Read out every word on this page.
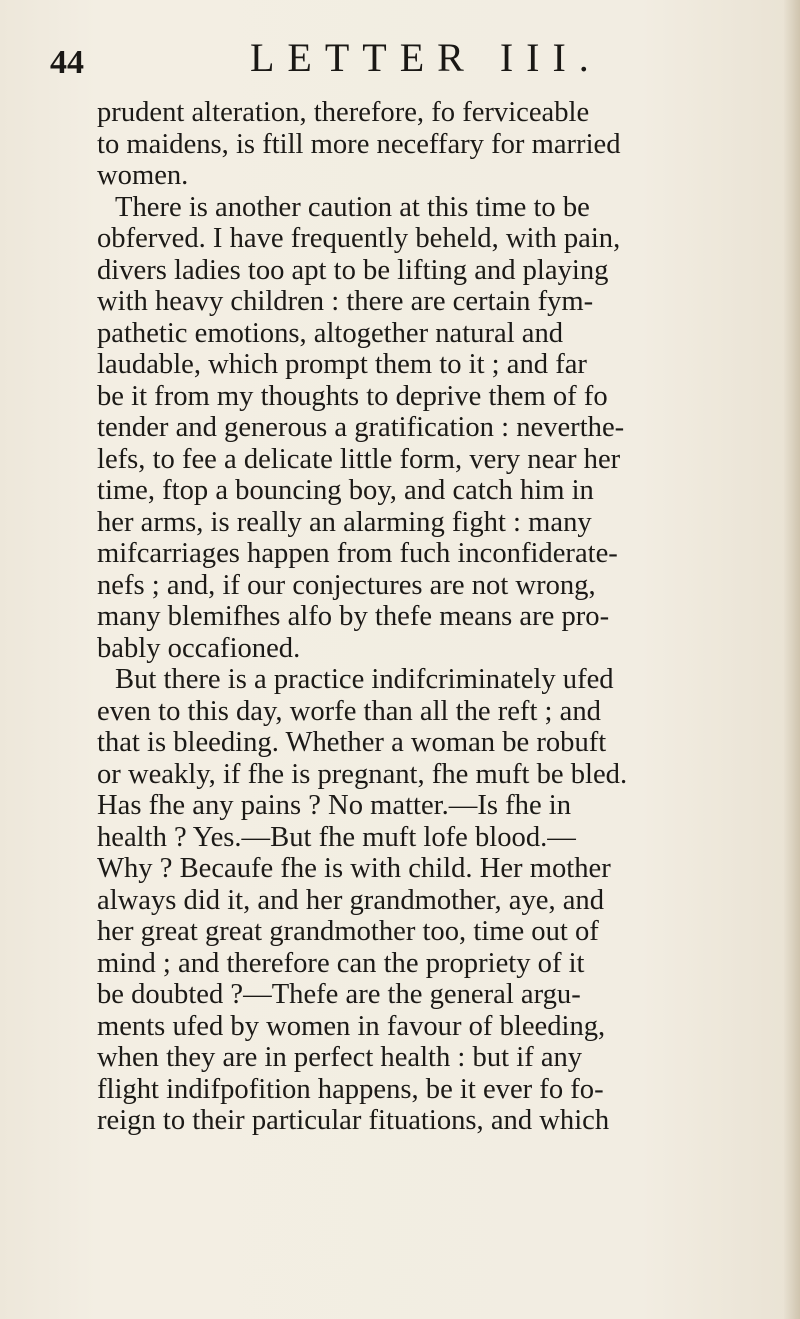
44	LETTER III.
prudent alteration, therefore, fo ferviceable
to maidens, is ftill more neceffary for married
women.
There is another caution at this time to be
obferved. I have frequently beheld, with pain,
divers ladies too apt to be lifting and playing
with heavy children : there are certain fym-
pathetic emotions, altogether natural and
laudable, which prompt them to it ; and far
be it from my thoughts to deprive them of fo
tender and generous a gratification : neverthe-
lefs, to fee a delicate little form, very near her
time, ftop a bouncing boy, and catch him in
her arms, is really an alarming fight : many
mifcarriages happen from fuch inconfiderate-
nefs ; and, if our conjectures are not wrong,
many blemifhes alfo by thefe means are pro-
bably occafioned.
But there is a practice indifcriminately ufed
even to this day, worfe than all the reft ; and
that is bleeding. Whether a woman be robuft
or weakly, if fhe is pregnant, fhe muft be bled.
Has fhe any pains ? No matter.—Is fhe in
health ? Yes.—But fhe muft lofe blood.—
Why ? Becaufe fhe is with child. Her mother
always did it, and her grandmother, aye, and
her great great grandmother too, time out of
mind ; and therefore can the propriety of it
be doubted ?—Thefe are the general argu-
ments ufed by women in favour of bleeding,
when they are in perfect health : but if any
flight indifpofition happens, be it ever fo fo-
reign to their particular fituations, and which
